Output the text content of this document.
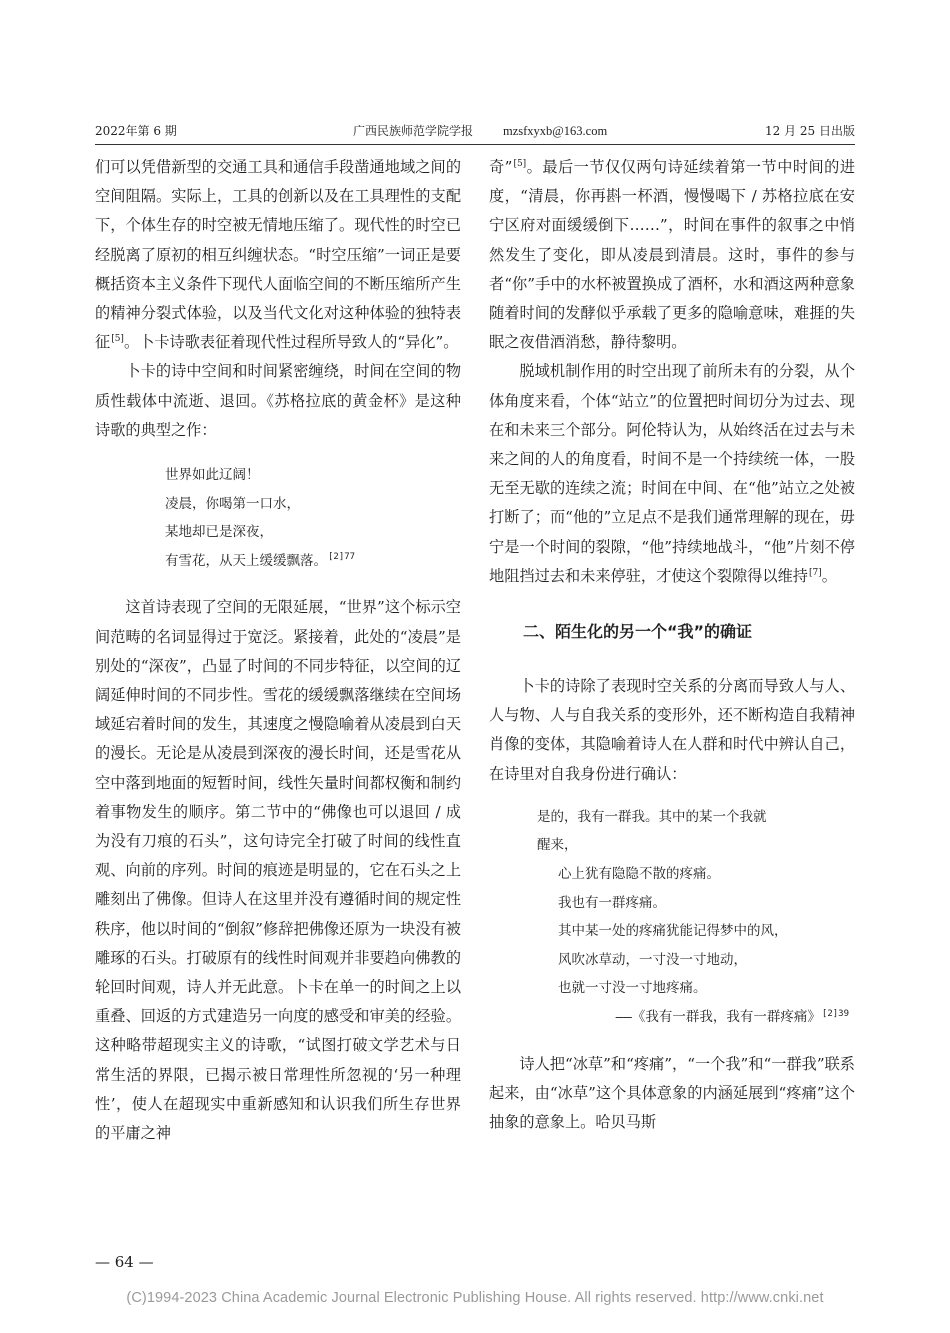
2022年第 6 期	广西民族师范学院学报 mzsfxyxb@163.com	12 月 25 日出版

们可以凭借新型的交通工具和通信手段凿通地域之间的空间阻隔。实际上，工具的创新以及在工具理性的支配下，个体生存的时空被无情地压缩了。现代性的时空已经脱离了原初的相互纠缠状态。“时空压缩”一词正是要概括资本主义条件下现代人面临空间的不断压缩所产生的精神分裂式体验，以及当代文化对这种体验的独特表征[5]。卜卡诗歌表征着现代性过程所导致人的“异化”。

卜卡的诗中空间和时间紧密缠绕，时间在空间的物质性载体中流逝、退回。《苏格拉底的黄金杯》是这种诗歌的典型之作：

世界如此辽阔！
凌晨，你喝第一口水，
某地却已是深夜，
有雪花，从天上缓缓飘落。$^{[2]77}$

这首诗表现了空间的无限延展，“世界”这个标示空间范畴的名词显得过于宽泛。紧接着，此处的“凌晨”是别处的“深夜”，凸显了时间的不同步特征，以空间的辽阔延伸时间的不同步性。雪花的缓缓飘落继续在空间场域延宕着时间的发生，其速度之慢隐喻着从凌晨到白天的漫长。无论是从凌晨到深夜的漫长时间，还是雪花从空中落到地面的短暂时间，线性矢量时间都权衡和制约着事物发生的顺序。第二节中的“佛像也可以退回 / 成为没有刀痕的石头”，这句诗完全打破了时间的线性直观、向前的序列。时间的痕迹是明显的，它在石头之上雕刻出了佛像。但诗人在这里并没有遵循时间的规定性秩序，他以时间的“倒叙”修辞把佛像还原为一块没有被雕琢的石头。打破原有的线性时间观并非要趋向佛教的轮回时间观，诗人并无此意。卜卡在单一的时间之上以重叠、回返的方式建造另一向度的感受和审美的经验。这种略带超现实主义的诗歌，“试图打破文学艺术与日常生活的界限，已揭示被日常理性所忽视的‘另一种理性’，使人在超现实中重新感知和认识我们所生存世界的平庸之神

奇”[5]。最后一节仅仅两句诗延续着第一节中时间的进度，“清晨，你再斟一杯酒，慢慢喝下 / 苏格拉底在安宁区府对面缓缓倒下……”，时间在事件的叙事之中悄然发生了变化，即从凌晨到清晨。这时，事件的参与者“你”手中的水杯被置换成了酒杯，水和酒这两种意象随着时间的发酵似乎承载了更多的隐喻意味，难捱的失眠之夜借酒消愁，静待黎明。

脱域机制作用的时空出现了前所未有的分裂，从个体角度来看，个体“站立”的位置把时间切分为过去、现在和未来三个部分。阿伦特认为，从始终活在过去与未来之间的人的角度看，时间不是一个持续统一体，一股无至无歇的连续之流；时间在中间、在“他”站立之处被打断了；而“他的”立足点不是我们通常理解的现在，毋宁是一个时间的裂隙，“他”持续地战斗，“他”片刻不停地阻挡过去和未来停驻，才使这个裂隙得以维持[7]。

二、陌生化的另一个“我”的确证

卜卡的诗除了表现时空关系的分离而导致人与人、人与物、人与自我关系的变形外，还不断构造自我精神肖像的变体，其隐喻着诗人在人群和时代中辨认自己，在诗里对自我身份进行确认：

是的，我有一群我。其中的某一个我就
醒来，
心上犹有隐隐不散的疼痛。
我也有一群疼痛。
其中某一处的疼痛犹能记得梦中的风，
风吹冰草动，一寸没一寸地动，
也就一寸没一寸地疼痛。
——《我有一群我，我有一群疼痛》$^{[2]39}$

诗人把“冰草”和“疼痛”，“一个我”和“一群我”联系起来，由“冰草”这个具体意象的内涵延展到“疼痛”这个抽象的意象上。哈贝马斯

— 64 —
(C)1994-2023 China Academic Journal Electronic Publishing House. All rights reserved. http://www.cnki.net
